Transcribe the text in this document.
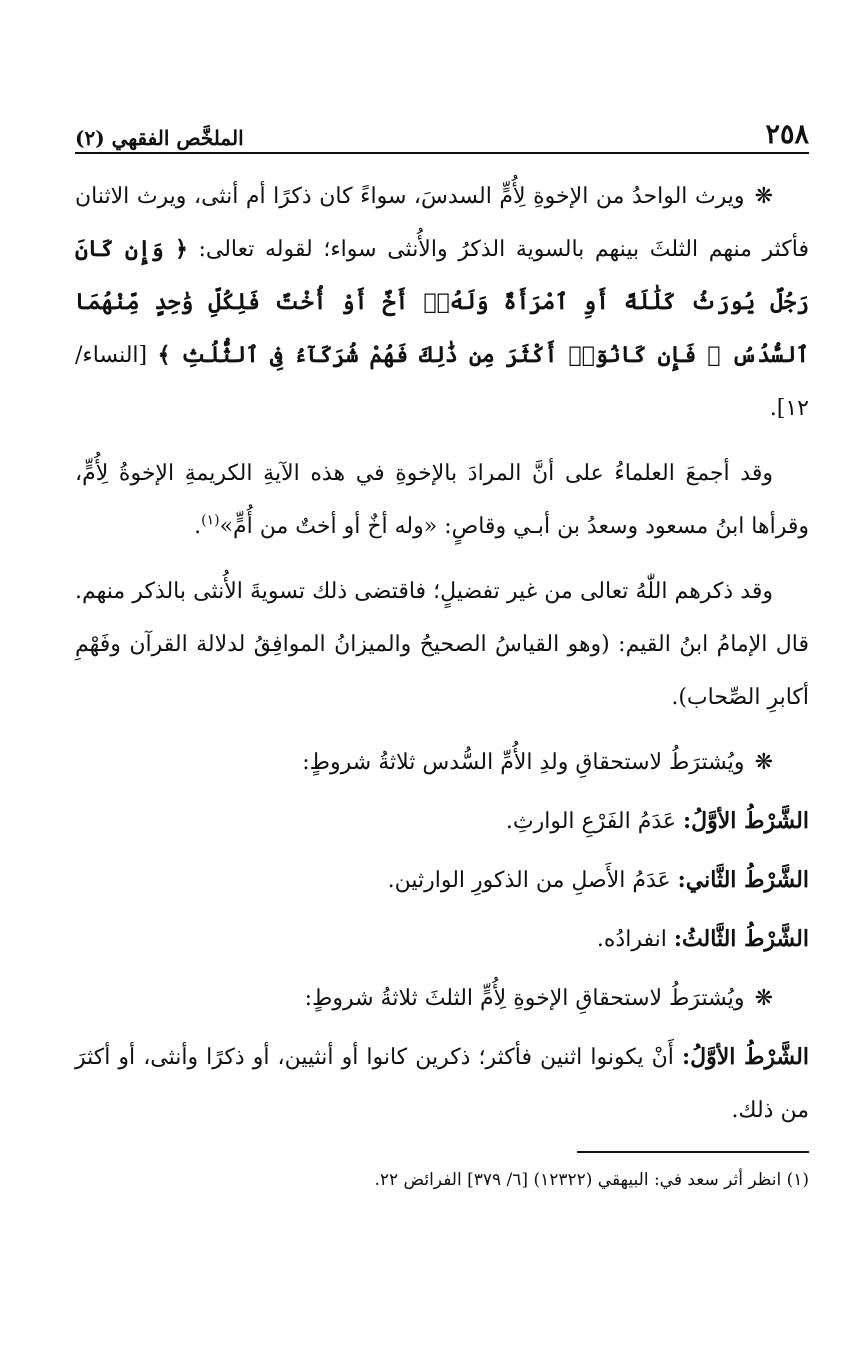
٢٥٨
الملخَّص الفقهي (٢)

❋ويرث الواحدُ من الإخوةِ لِأُمٍّ السدسَ، سواءً كان ذكرًا أم أنثى، ويرث الاثنان فأكثر منهم الثلثَ بينهم بالسوية الذكرُ والأُنثى سواء؛ لقوله تعالى: ﴿ وَإِن كَانَ رَجُلٌ يُورَثُ كَلَٰلَةً أَوِ ٱمْرَأَةٌ وَلَهُۥٓ أَخٌ أَوْ أُخْتٌ فَلِكُلِّ وَٰحِدٍ مِّنْهُمَا ٱلسُّدُسُ ۚ فَإِن كَانُوٓا۟ أَكْثَرَ مِن ذَٰلِكَ فَهُمْ شُرَكَآءُ فِى ٱلثُّلُثِ ﴾ [النساء/ ١٢].

وقد أجمعَ العلماءُ على أنَّ المرادَ بالإخوةِ في هذه الآيةِ الكريمةِ الإخوةُ لِأُمٍّ، وقرأها ابنُ مسعود وسعدُ بن أبـي وقاصٍ: «وله أخٌ أو أختٌ من أُمٍّ»$^{(١)}$.

وقد ذكرهم اللّٰهُ تعالى من غير تفضيلٍ؛ فاقتضى ذلك تسويةَ الأُنثى بالذكر منهم. قال الإمامُ ابنُ القيم: (وهو القياسُ الصحيحُ والميزانُ الموافِقُ لدلالة القرآن وفَهْمِ أكابرِ الصِّحاب).

❋ويُشترَطُ لاستحقاقِ ولدِ الأُمِّ السُّدس ثلاثةُ شروطٍ:

الشَّرْطُ الأوَّلُ: عَدَمُ الفَرْعِ الوارثِ.

الشَّرْطُ الثَّاني: عَدَمُ الأَصلِ من الذكورِ الوارثين.

الشَّرْطُ الثَّالثُ: انفرادُه.

❋ويُشترَطُ لاستحقاقِ الإخوةِ لِأُمٍّ الثلثَ ثلاثةُ شروطٍ:

الشَّرْطُ الأوَّلُ: أَنْ يكونوا اثنين فأكثر؛ ذكرين كانوا أو أنثيين، أو ذكرًا وأنثى، أو أكثرَ من ذلك.

(١) انظر أثر سعد في: البيهقي (١٢٣٢٢) [٦/ ٣٧٩] الفرائض ٢٢.
